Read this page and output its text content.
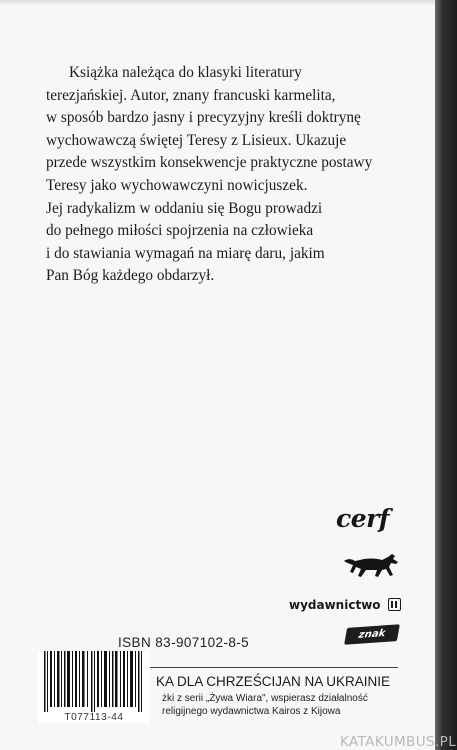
Książka należąca do klasyki literatury
terezjańskiej. Autor, znany francuski karmelita,
w sposób bardzo jasny i precyzyjny kreśli doktrynę
wychowawczą świętej Teresy z Lisieux. Ukazuje
przede wszystkim konsekwencje praktyczne postawy
Teresy jako wychowawczyni nowicjuszek.
Jej radykalizm w oddaniu się Bogu prowadzi
do pełnego miłości spojrzenia na człowieka
i do stawiania wymagań na miarę daru, jakim
Pan Bóg każdego obdarzył.

cerf
wydawnictwo
znak
ISBN 83-907102-8-5
T077113-44
KA DLA CHRZEŚCIJAN NA UKRAINIE
żki z serii „Żywa Wiara", wspierasz działalność
religijnego wydawnictwa Kairos z Kijowa
KATAKUMBUS.PL
